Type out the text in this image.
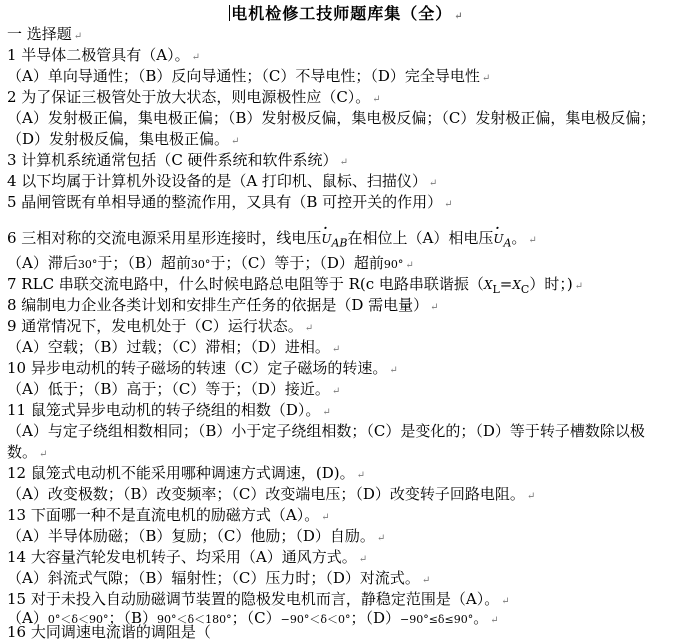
电机检修工技师题库集（全） ↵
一 选择题 ↵
1 半导体二极管具有（A）。 ↵
（A）单向导通性；（B）反向导通性；（C）不导电性；（D）完全导电性 ↵
2 为了保证三极管处于放大状态，则电源极性应（C）。 ↵
（A）发射极正偏，集电极正偏；（B）发射极反偏，集电极反偏；（C）发射极正偏，集电极反偏；
（D）发射极反偏，集电极正偏。 ↵
3 计算机系统通常包括（C 硬件系统和软件系统） ↵
4 以下均属于计算机外设设备的是（A 打印机、鼠标、扫描仪） ↵
5 晶闸管既有单相导通的整流作用，又具有（B 可控开关的作用） ↵
6 三相对称的交流电源采用星形连接时，线电压· $U_{AB}$在相位上（A）相电压· $U_A$。 ↵
（A）滞后30°于；（B）超前30°于；（C）等于；（D）超前90° ↵
7 RLC 串联交流电路中，什么时候电路总电阻等于 R(c 电路串联谐振$(X_L=X_C)$时；) ↵
8 编制电力企业各类计划和安排生产任务的依据是（D 需电量） ↵
9 通常情况下，发电机处于（C）运行状态。 ↵
（A）空载；（B）过载；（C）滞相；（D）进相。 ↵
10 异步电动机的转子磁场的转速（C）定子磁场的转速。 ↵
（A）低于；（B）高于；（C）等于；（D）接近。 ↵
11 鼠笼式异步电动机的转子绕组的相数（D）。 ↵
（A）与定子绕组相数相同；（B）小于定子绕组相数；（C）是变化的；（D）等于转子槽数除以极
数。 ↵
12 鼠笼式电动机不能采用哪种调速方式调速，(D)。 ↵
（A）改变极数；（B）改变频率；（C）改变端电压；（D）改变转子回路电阻。 ↵
13 下面哪一种不是直流电机的励磁方式（A）。 ↵
（A）半导体励磁；（B）复励；（C）他励；（D）自励。 ↵
14 大容量汽轮发电机转子、均采用（A）通风方式。 ↵
（A）斜流式气隙；（B）辐射性；（C）压力时；（D）对流式。 ↵
15 对于未投入自动励磁调节装置的隐极发电机而言，静稳定范围是（A）。 ↵
（A）0°＜δ＜90°；（B）90°＜δ＜180°；（C）−90°＜δ＜0°；（D）−90°≤δ≤90°。 ↵
16 大同调速电流谐的调阻是（
